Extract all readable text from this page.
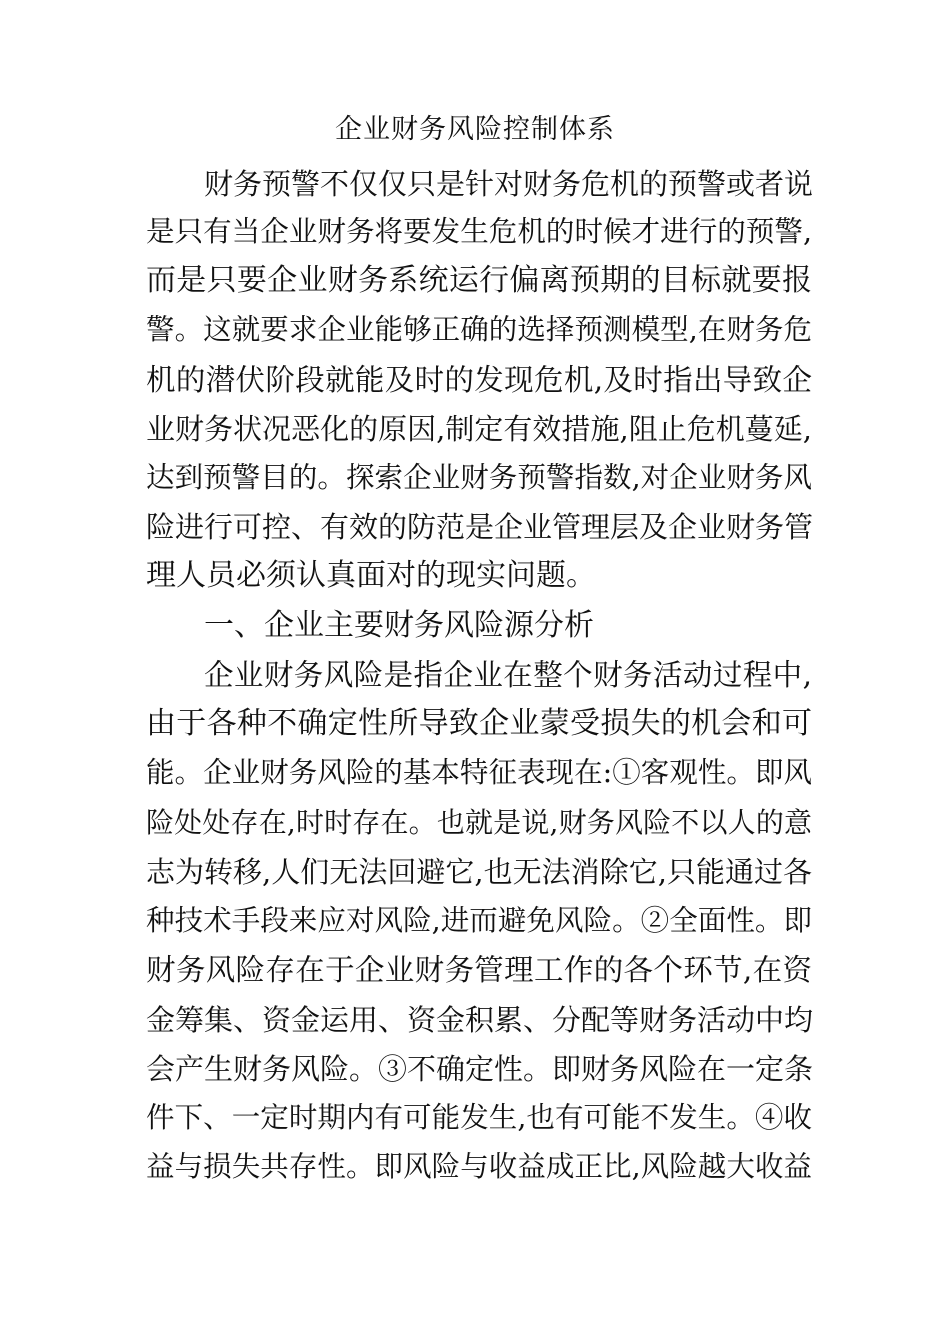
企业财务风险控制体系
财务预警不仅仅只是针对财务危机的预警或者说
是只有当企业财务将要发生危机的时候才进行的预警,
而是只要企业财务系统运行偏离预期的目标就要报
警。这就要求企业能够正确的选择预测模型,在财务危
机的潜伏阶段就能及时的发现危机,及时指出导致企
业财务状况恶化的原因,制定有效措施,阻止危机蔓延,
达到预警目的。探索企业财务预警指数,对企业财务风
险进行可控、有效的防范是企业管理层及企业财务管
理人员必须认真面对的现实问题。
一、企业主要财务风险源分析
企业财务风险是指企业在整个财务活动过程中,
由于各种不确定性所导致企业蒙受损失的机会和可
能。企业财务风险的基本特征表现在:①客观性。即风
险处处存在,时时存在。也就是说,财务风险不以人的意
志为转移,人们无法回避它,也无法消除它,只能通过各
种技术手段来应对风险,进而避免风险。②全面性。即
财务风险存在于企业财务管理工作的各个环节,在资
金筹集、资金运用、资金积累、分配等财务活动中均
会产生财务风险。③不确定性。即财务风险在一定条
件下、一定时期内有可能发生,也有可能不发生。④收
益与损失共存性。即风险与收益成正比,风险越大收益
